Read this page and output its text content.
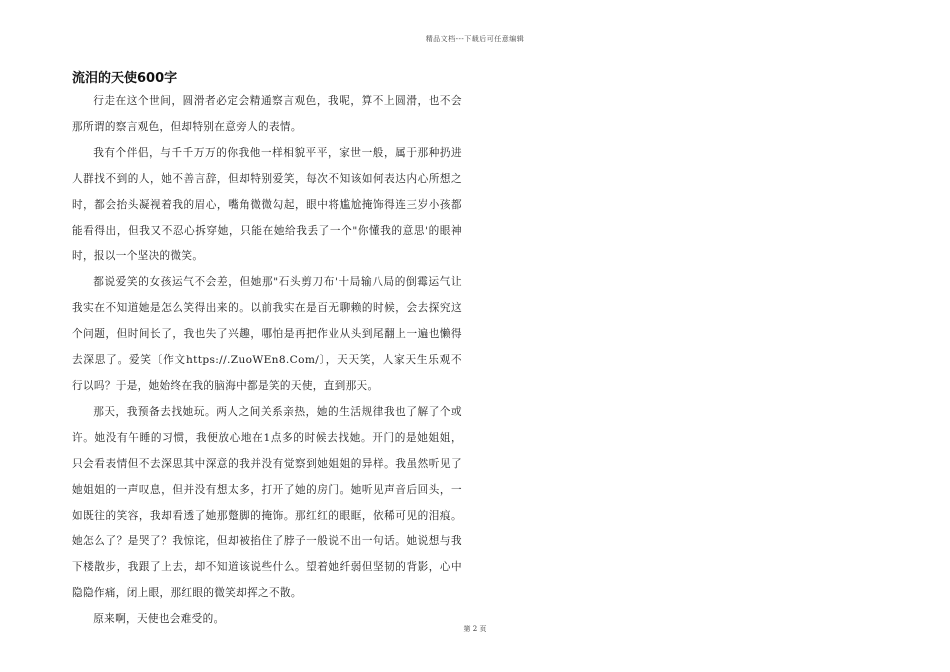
精品文档---下载后可任意编辑
流泪的天使600字

行走在这个世间，圆滑者必定会精通察言观色，我呢，算不上圆滑，也不会那所谓的察言观色，但却特别在意旁人的表情。

我有个伴侣，与千千万万的你我他一样相貌平平，家世一般，属于那种扔进人群找不到的人，她不善言辞，但却特别爱笑，每次不知该如何表达内心所想之时，都会抬头凝视着我的眉心，嘴角微微勾起，眼中将尴尬掩饰得连三岁小孩都能看得出，但我又不忍心拆穿她，只能在她给我丢了一个"你懂我的意思'的眼神时，报以一个坚决的微笑。

都说爱笑的女孩运气不会差，但她那"石头剪刀布'十局输八局的倒霉运气让我实在不知道她是怎么笑得出来的。以前我实在是百无聊赖的时候，会去探究这个问题，但时间长了，我也失了兴趣，哪怕是再把作业从头到尾翻上一遍也懒得去深思了。爱笑〔作文https://.ZuoWEn8.Com/〕，天天笑，人家天生乐观不行以吗？于是，她始终在我的脑海中都是笑的天使，直到那天。

那天，我预备去找她玩。两人之间关系亲热，她的生活规律我也了解了个或许。她没有午睡的习惯，我便放心地在1点多的时候去找她。开门的是她姐姐，只会看表情但不去深思其中深意的我并没有觉察到她姐姐的异样。我虽然听见了她姐姐的一声叹息，但并没有想太多，打开了她的房门。她听见声音后回头，一如既往的笑容，我却看透了她那蹩脚的掩饰。那红红的眼眶，依稀可见的泪痕。她怎么了？是哭了？我惊诧，但却被掐住了脖子一般说不出一句话。她说想与我下楼散步，我跟了上去，却不知道该说些什么。望着她纤弱但坚韧的背影，心中隐隐作痛，闭上眼，那红眼的微笑却挥之不散。

原来啊，天使也会难受的。

第 2 页
